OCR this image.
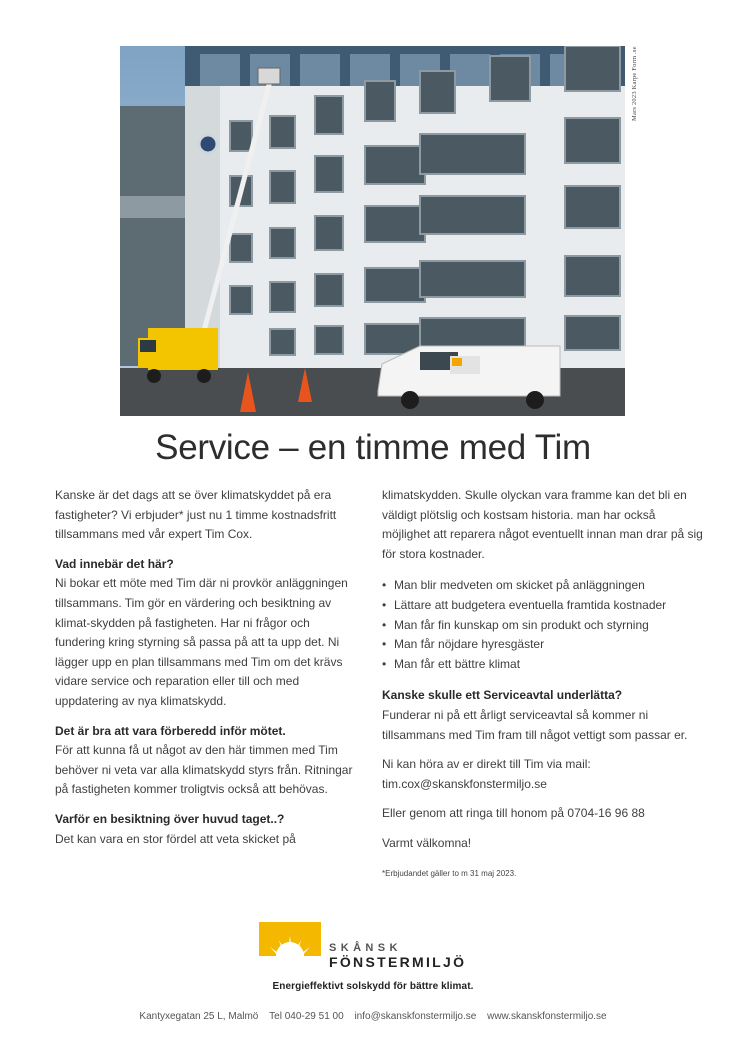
Mars 2023 Karpe Form .se
Service – en timme med Tim

Kanske är det dags att se över klimatskyddet på era fastigheter? Vi erbjuder* just nu 1 timme kostnadsfritt tillsammans med vår expert Tim Cox.

Vad innebär det här?

Ni bokar ett möte med Tim där ni provkör anläggningen tillsammans. Tim gör en värdering och besiktning av klimat-skydden på fastigheten. Har ni frågor och fundering kring styrning så passa på att ta upp det. Ni lägger upp en plan tillsammans med Tim om det krävs vidare service och reparation eller till och med uppdatering av nya klimatskydd.

Det är bra att vara förberedd inför mötet.

För att kunna få ut något av den här timmen med Tim behöver ni veta var alla klimatskydd styrs från. Ritningar på fastigheten kommer troligtvis också att behövas.

Varför en besiktning över huvud taget..?

Det kan vara en stor fördel att veta skicket på

klimatskydden. Skulle olyckan vara framme kan det bli en väldigt plötslig och kostsam historia. man har också möjlighet att reparera något eventuellt innan man drar på sig för stora kostnader.

• Man blir medveten om skicket på anläggningen
• Lättare att budgetera eventuella framtida kostnader
• Man får fin kunskap om sin produkt och styrning
• Man får nöjdare hyresgäster
• Man får ett bättre klimat
Kanske skulle ett Serviceavtal underlätta?

Funderar ni på ett årligt serviceavtal så kommer ni tillsammans med Tim fram till något vettigt som passar er.

Ni kan höra av er direkt till Tim via mail:

tim.cox@skanskfonstermiljo.se

Eller genom att ringa till honom på 0704-16 96 88

Varmt välkomna!

*Erbjudandet gäller to m 31 maj 2023.

SKÅNSK
FÖNSTERMILJÖ
Energieffektivt solskydd för bättre klimat.
Kantyxegatan 25 L, Malmö Tel 040-29 51 00 info@skanskfonstermiljo.se www.skanskfonstermiljo.se
